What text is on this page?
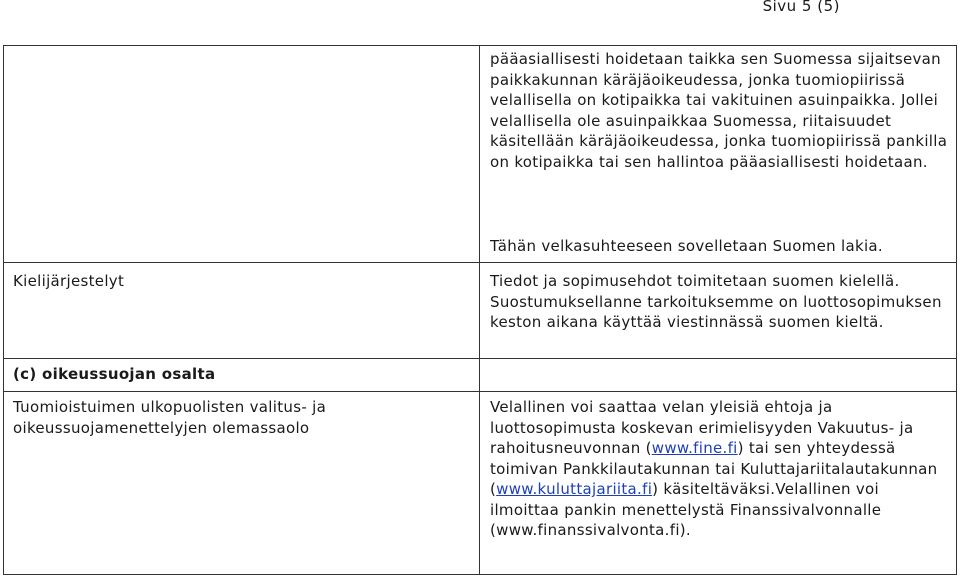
Sivu 5 (5)

pääasiallisesti hoidetaan taikka sen Suomessa sijaitsevan paikkakunnan käräjäoikeudessa, jonka tuomiopiirissä velallisella on kotipaikka tai vakituinen asuinpaikka. Jollei velallisella ole asuinpaikkaa Suomessa, riitaisuudet käsitellään käräjäoikeudessa, jonka tuomiopiirissä pankilla on kotipaikka tai sen hallintoa pääasiallisesti hoidetaan.

Tähän velkasuhteeseen sovelletaan Suomen lakia.

Kielijärjestelyt	Tiedot ja sopimusehdot toimitetaan suomen kielellä. Suostumuksellanne tarkoituksemme on luottosopimuksen keston aikana käyttää viestinnässä suomen kieltä.

(c) oikeussuojan osalta

Tuomioistuimen ulkopuolisten valitus- ja oikeussuojamenettelyjen olemassaolo

Velallinen voi saattaa velan yleisiä ehtoja ja luottosopimusta koskevan erimielisyyden Vakuutus- ja rahoitusneuvonnan (www.fine.fi) tai sen yhteydessä toimivan Pankkilautakunnan tai Kuluttajariitalautakunnan (www.kuluttajariita.fi) käsiteltäväksi.Velallinen voi ilmoittaa pankin menettelystä Finanssivalvonnalle (www.finanssivalvonta.fi).
